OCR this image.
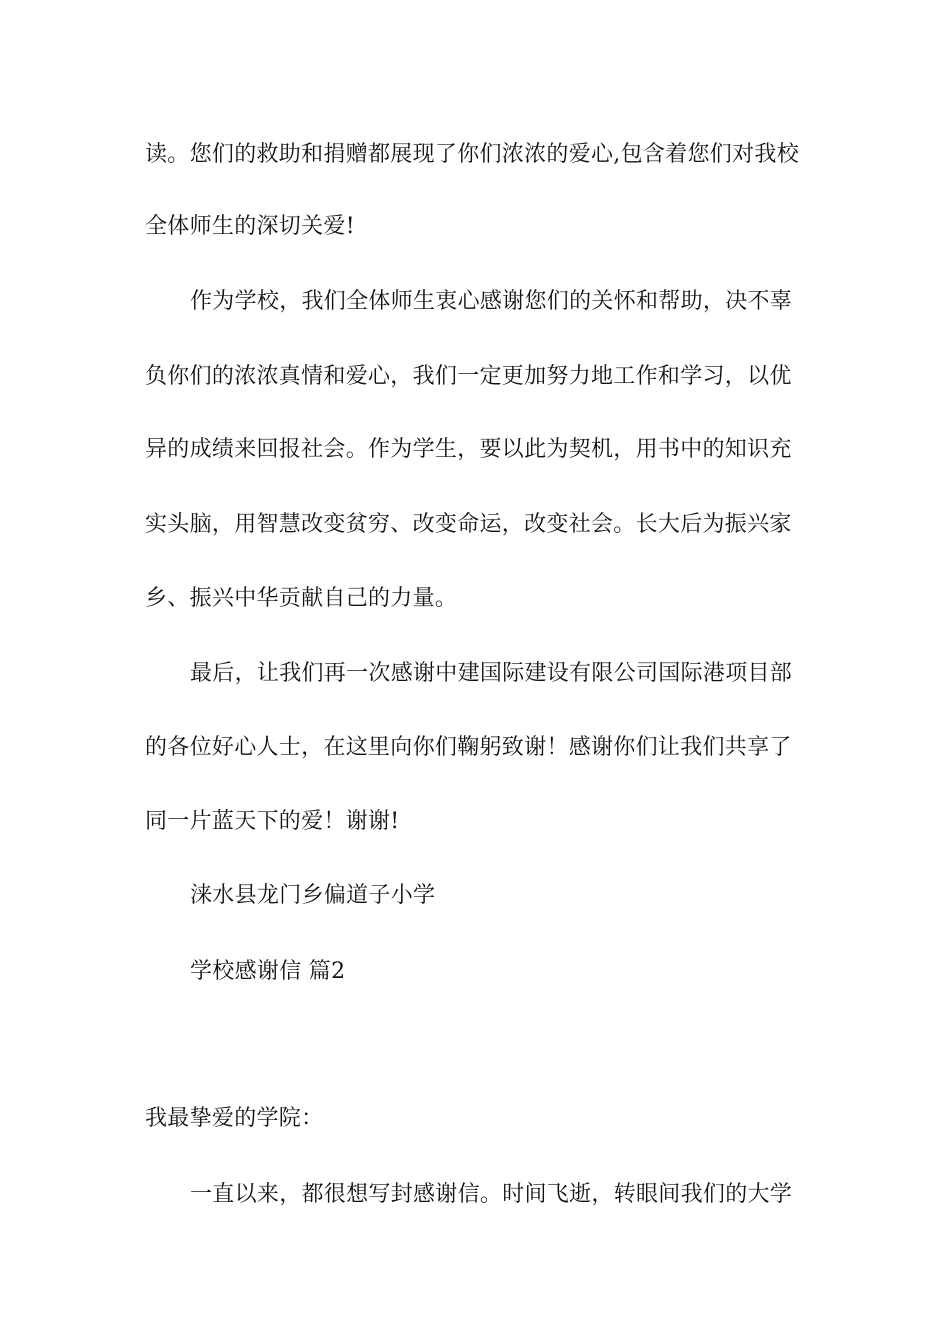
读。您们的救助和捐赠都展现了你们浓浓的爱心,包含着您们对我校
全体师生的深切关爱!
作为学校，我们全体师生衷心感谢您们的关怀和帮助，决不辜
负你们的浓浓真情和爱心，我们一定更加努力地工作和学习，以优
异的成绩来回报社会。作为学生，要以此为契机，用书中的知识充
实头脑，用智慧改变贫穷、改变命运，改变社会。长大后为振兴家
乡、振兴中华贡献自己的力量。
最后，让我们再一次感谢中建国际建设有限公司国际港项目部
的各位好心人士，在这里向你们鞠躬致谢！感谢你们让我们共享了
同一片蓝天下的爱！谢谢!
涞水县龙门乡偏道子小学
学校感谢信 篇2
我最挚爱的学院：
一直以来，都很想写封感谢信。时间飞逝，转眼间我们的大学
